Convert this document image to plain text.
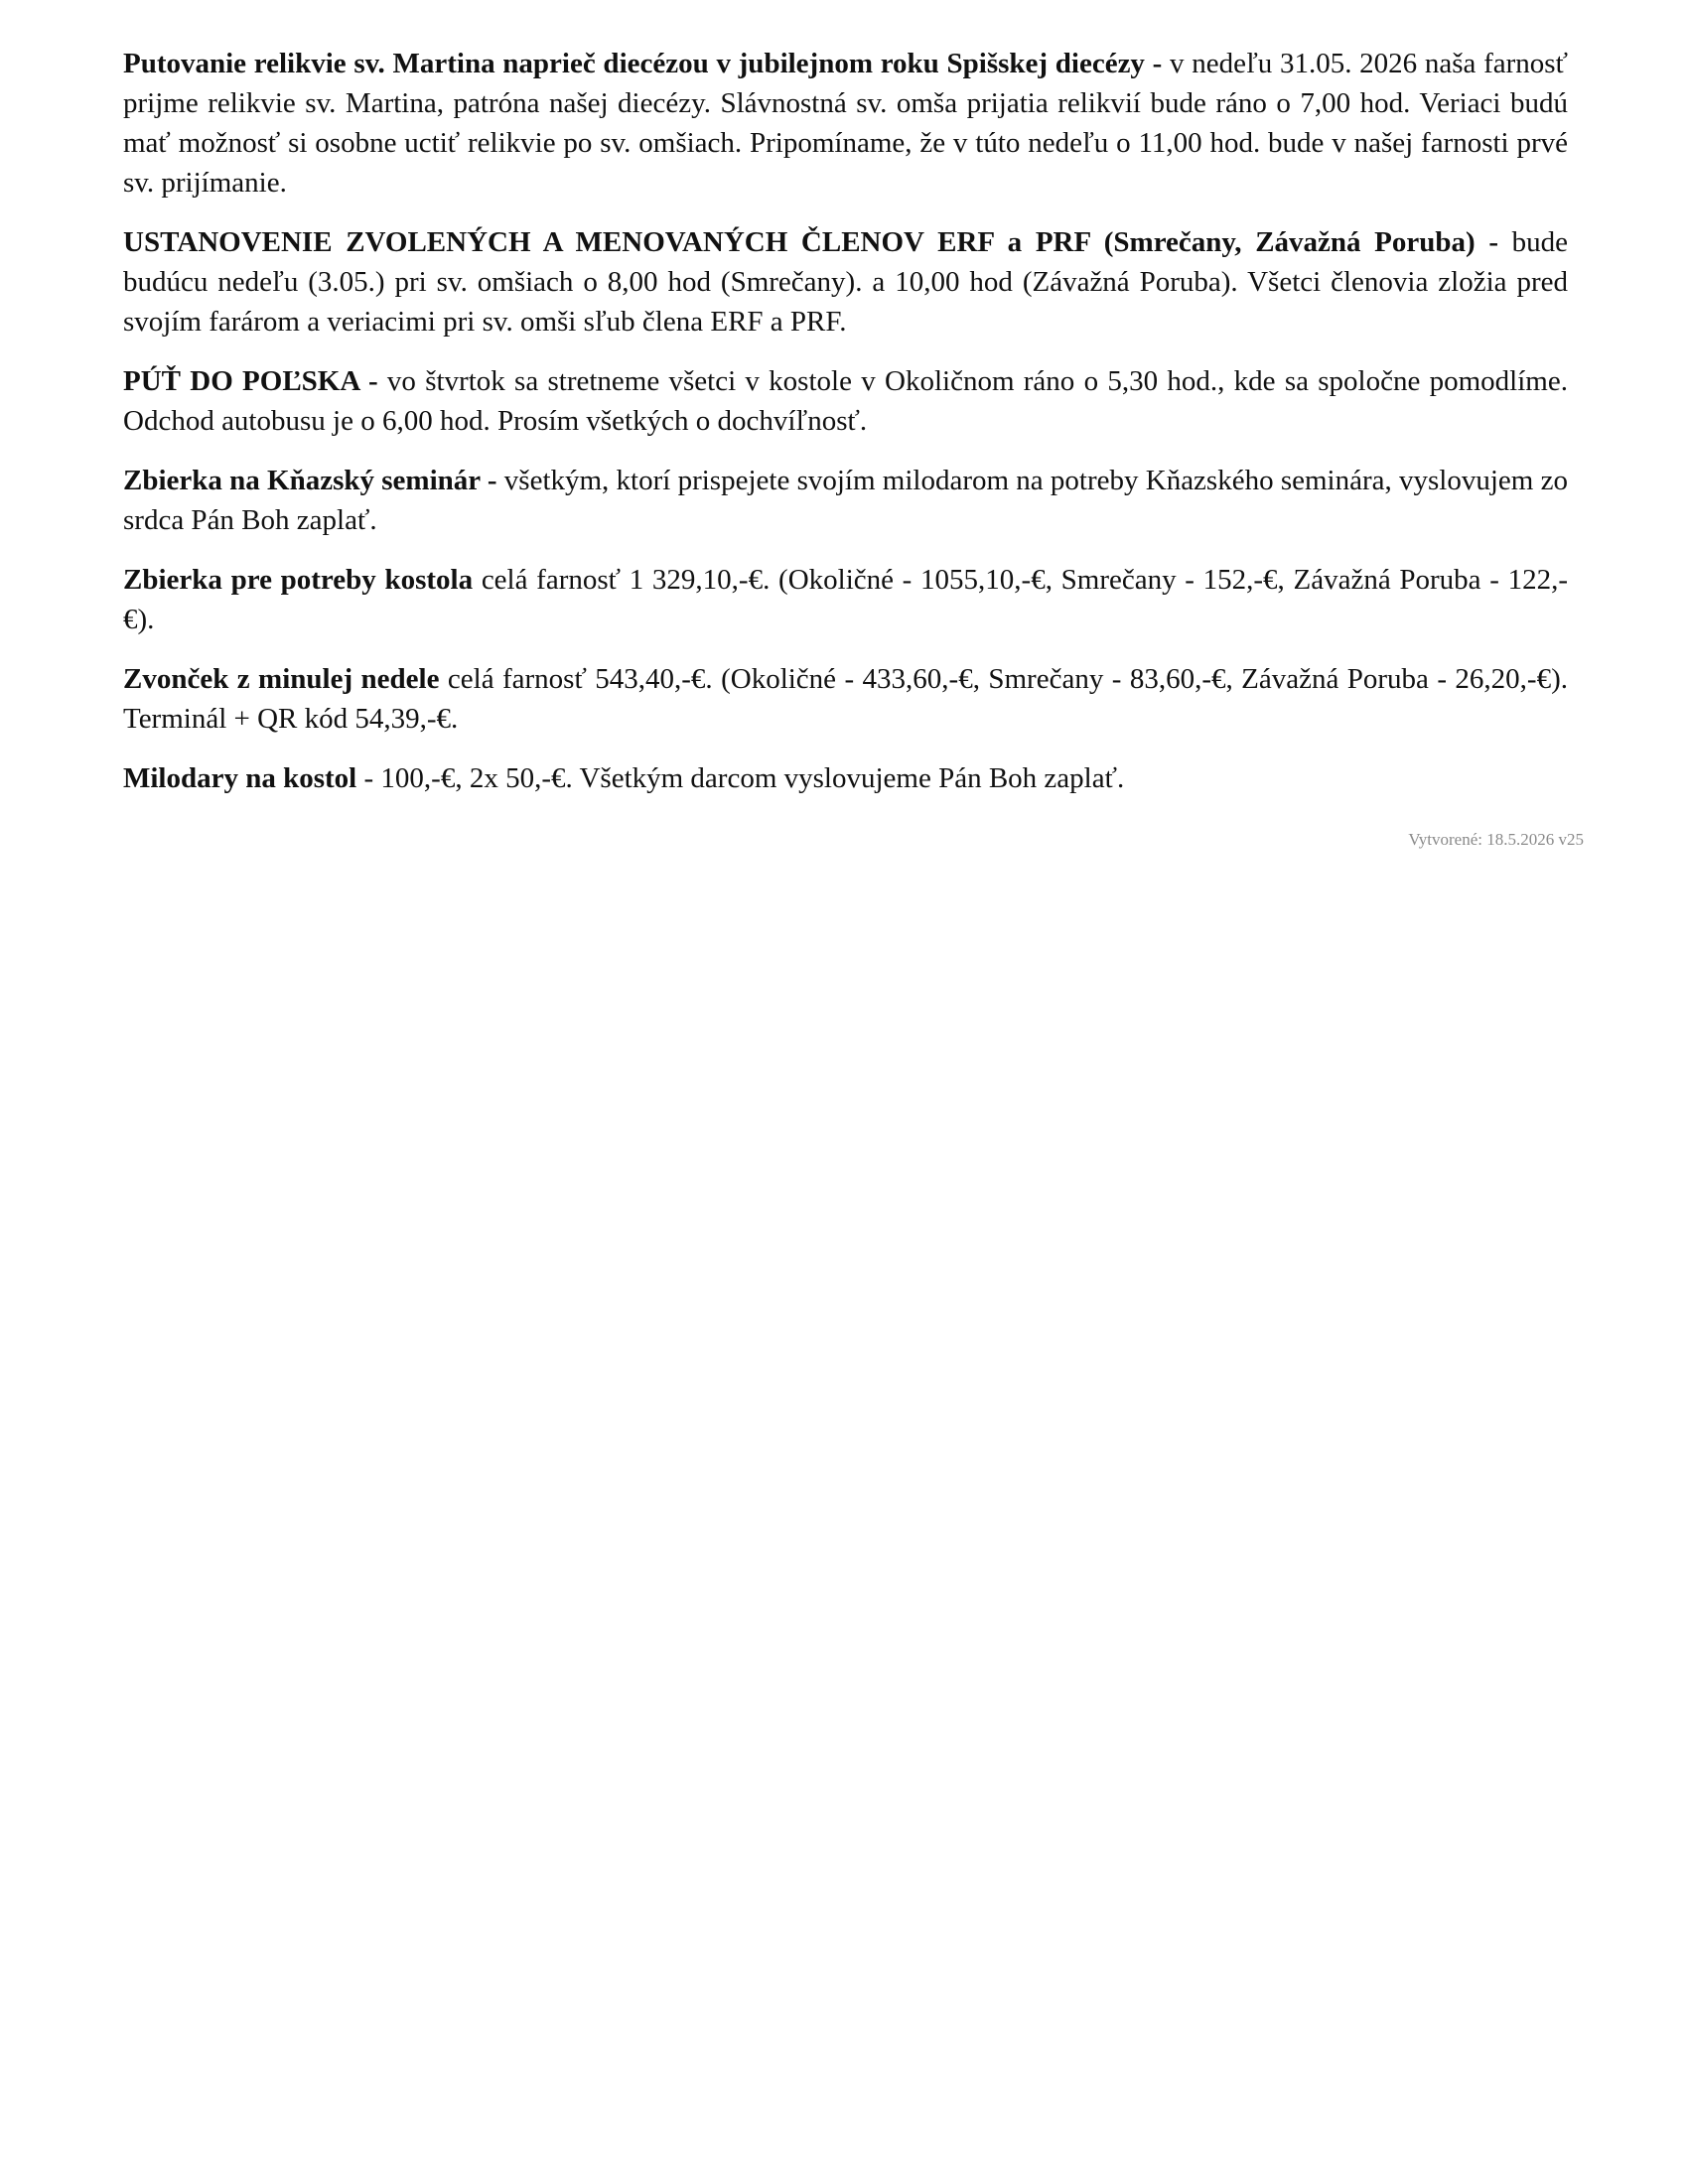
Putovanie relikvie sv. Martina naprieč diecézou v jubilejnom roku Spišskej diecézy - v nedeľu 31.05. 2026 naša farnosť prijme relikvie sv. Martina, patróna našej diecézy. Slávnostná sv. omša prijatia relikvií bude ráno o 7,00 hod. Veriaci budú mať možnosť si osobne uctiť relikvie po sv. omšiach. Pripomíname, že v túto nedeľu o 11,00 hod. bude v našej farnosti prvé sv. prijímanie.

USTANOVENIE ZVOLENÝCH A MENOVANÝCH ČLENOV ERF a PRF (Smrečany, Závažná Poruba) - bude budúcu nedeľu (3.05.) pri sv. omšiach o 8,00 hod (Smrečany). a 10,00 hod (Závažná Poruba). Všetci členovia zložia pred svojím farárom a veriacimi pri sv. omši sľub člena ERF a PRF.

PÚŤ DO POĽSKA - vo štvrtok sa stretneme všetci v kostole v Okoličnom ráno o 5,30 hod., kde sa spoločne pomodlíme. Odchod autobusu je o 6,00 hod. Prosím všetkých o dochvíľnosť.

Zbierka na Kňazský seminár - všetkým, ktorí prispejete svojím milodarom na potreby Kňazského seminára, vyslovujem zo srdca Pán Boh zaplať.

Zbierka pre potreby kostola celá farnosť 1 329,10,-€. (Okoličné - 1055,10,-€, Smrečany - 152,-€, Závažná Poruba - 122,-€).

Zvonček z minulej nedele celá farnosť 543,40,-€. (Okoličné - 433,60,-€, Smrečany - 83,60,-€, Závažná Poruba - 26,20,-€). Terminál + QR kód 54,39,-€.

Milodary na kostol - 100,-€, 2x 50,-€. Všetkým darcom vyslovujeme Pán Boh zaplať.

Vytvorené: 18.5.2026 v25
